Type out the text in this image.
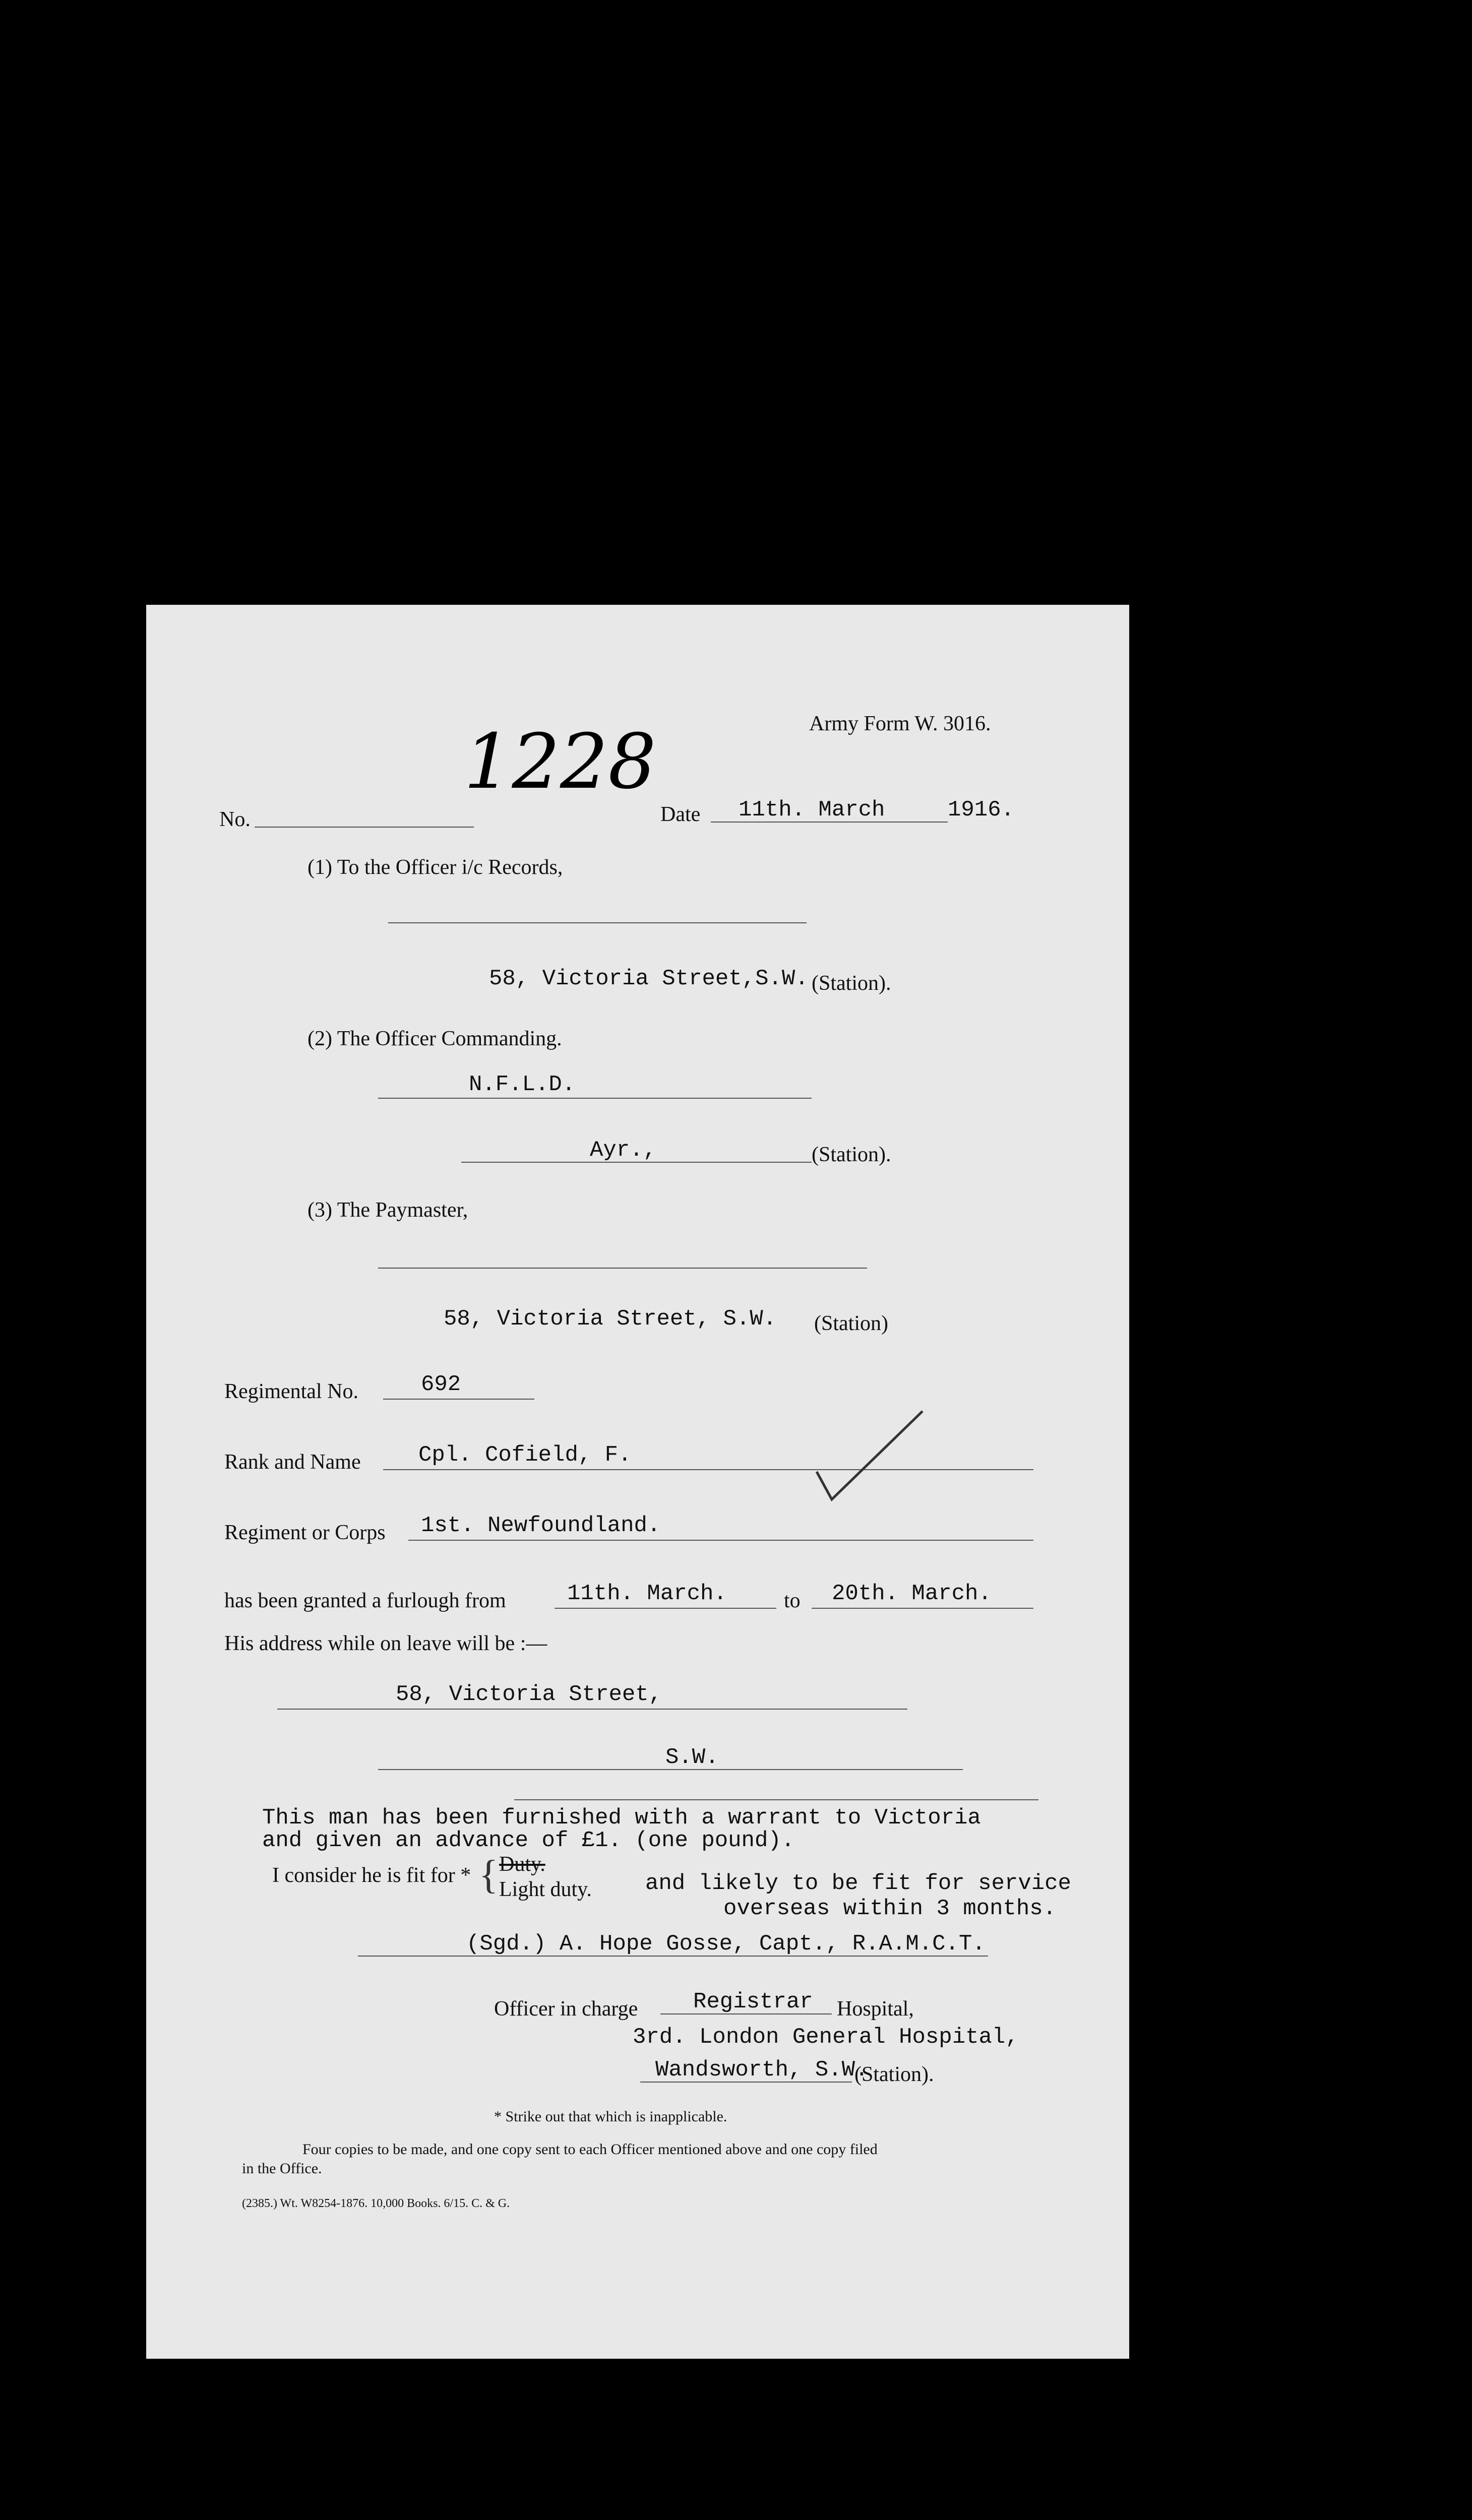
1228	Army Form W. 3016.
No.	Date 11th. March	1916.
(1) To the Officer i/c Records,
58, Victoria Street,S.W. (Station).
(2) The Officer Commanding.
N.F.L.D.
Ayr.,	(Station).
(3) The Paymaster,
58, Victoria Street, S.W. (Station)
Regimental No.	692
Rank and Name	Cpl. Cofield, F.
Regiment or Corps 1st. Newfoundland.
has been granted a furlough from	11th. March.	to 20th. March.
His address while on leave will be :—
58, Victoria Street,
S.W.
This man has been furnished with a warrant to Victoria
and given an advance of £1. (one pound).
I consider he is fit for * { Duty.
Light duty. and likely to be fit for service
overseas within 3 months.
(Sgd.) A. Hope Gosse, Capt., R.A.M.C.T.
Officer in charge Registrar Hospital,
3rd. London General Hospital,
Wandsworth, S.W.
(Station).
* Strike out that which is inapplicable.
Four copies to be made, and one copy sent to each Officer mentioned above and one copy filed
in the Office.
(2385.) Wt. W8254-1876. 10,000 Books. 6/15. C. & G.
